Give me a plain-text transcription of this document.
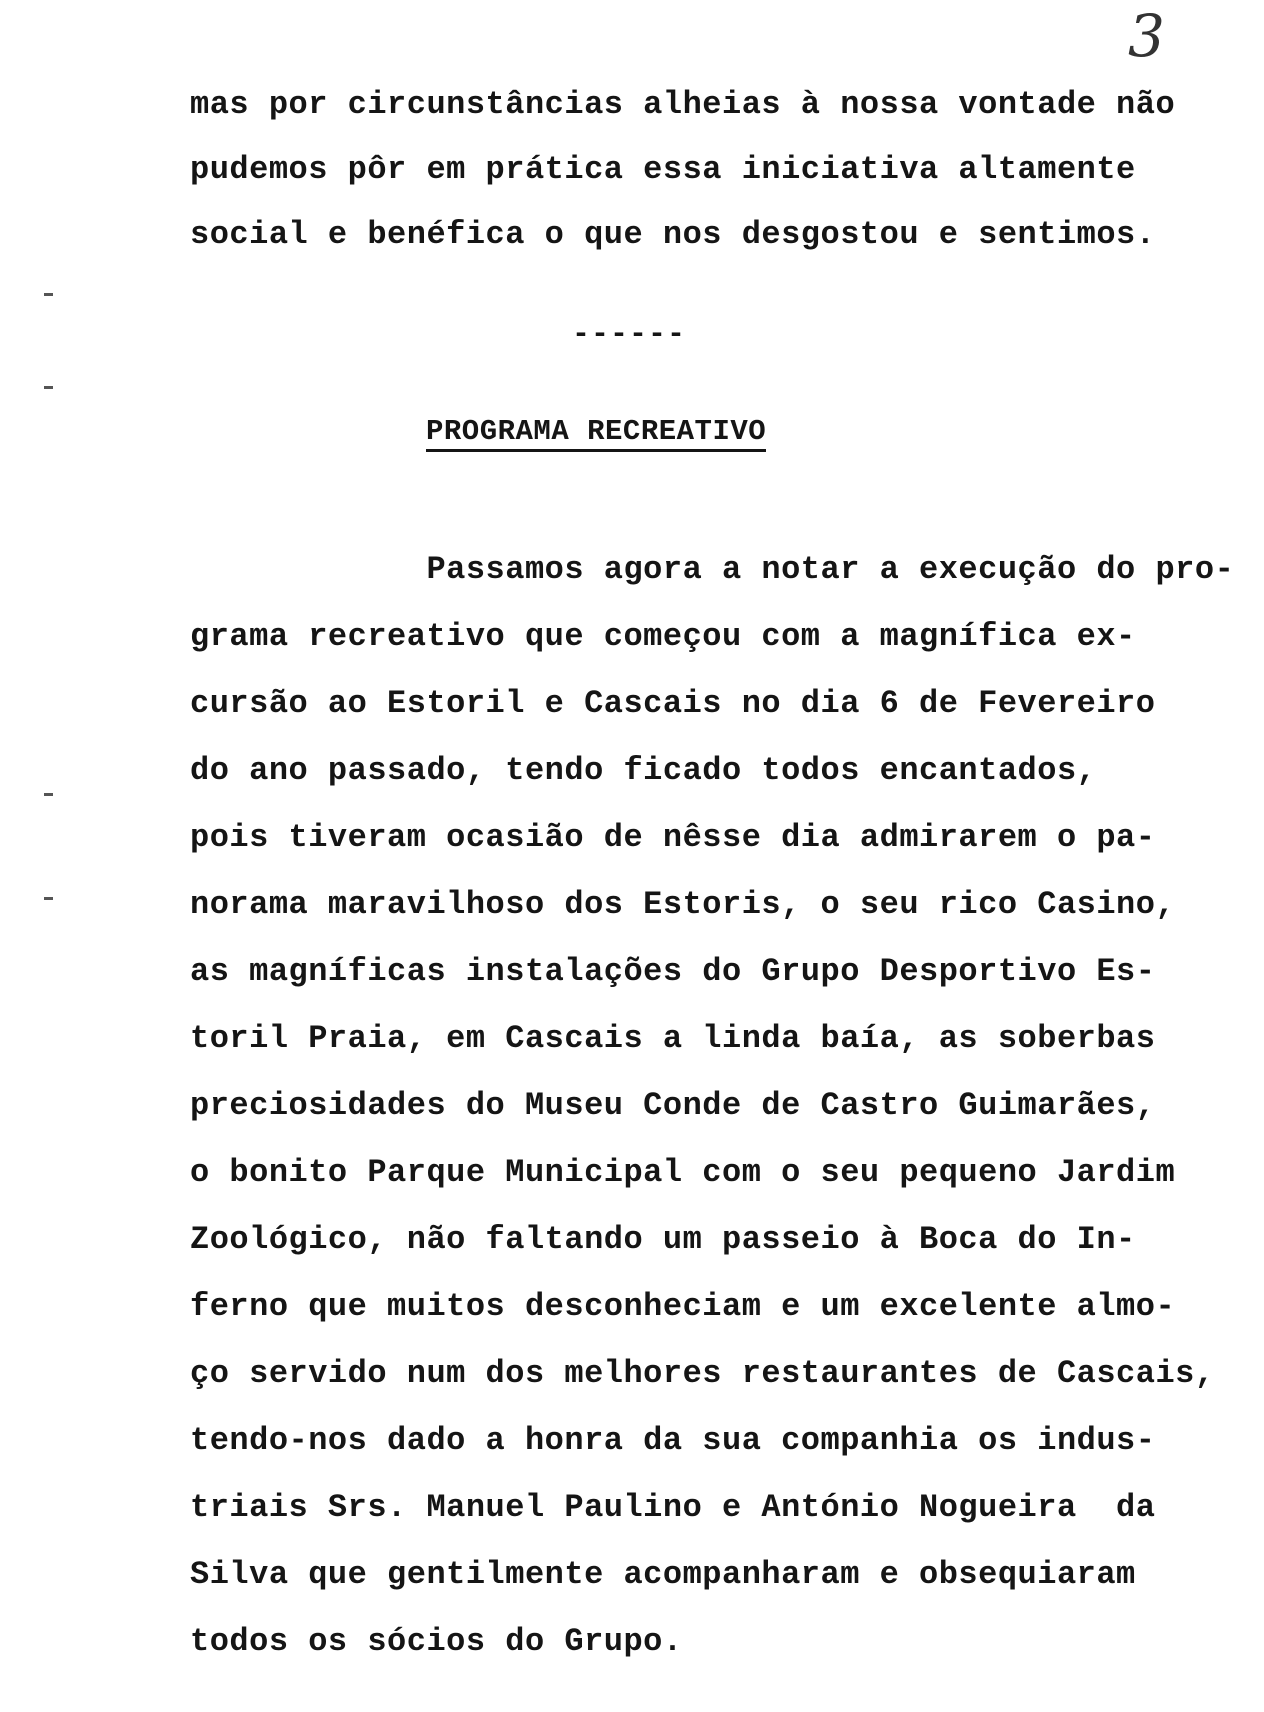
3
mas por circunstâncias alheias à nossa vontade não
pudemos pôr em prática essa iniciativa altamente
social e benéfica o que nos desgostou e sentimos.
------
PROGRAMA RECREATIVO
Passamos agora a notar a execução do pro-
grama recreativo que começou com a magnífica ex-
cursão ao Estoril e Cascais no dia 6 de Fevereiro
do ano passado, tendo ficado todos encantados,
pois tiveram ocasião de nêsse dia admirarem o pa-
norama maravilhoso dos Estoris, o seu rico Casino,
as magníficas instalações do Grupo Desportivo Es-
toril Praia, em Cascais a linda baía, as soberbas
preciosidades do Museu Conde de Castro Guimarães,
o bonito Parque Municipal com o seu pequeno Jardim
Zoológico, não faltando um passeio à Boca do In-
ferno que muitos desconheciam e um excelente almo-
ço servido num dos melhores restaurantes de Cascais,
tendo-nos dado a honra da sua companhia os indus-
triais Srs. Manuel Paulino e António Nogueira  da
Silva que gentilmente acompanharam e obsequiaram
todos os sócios do Grupo.
